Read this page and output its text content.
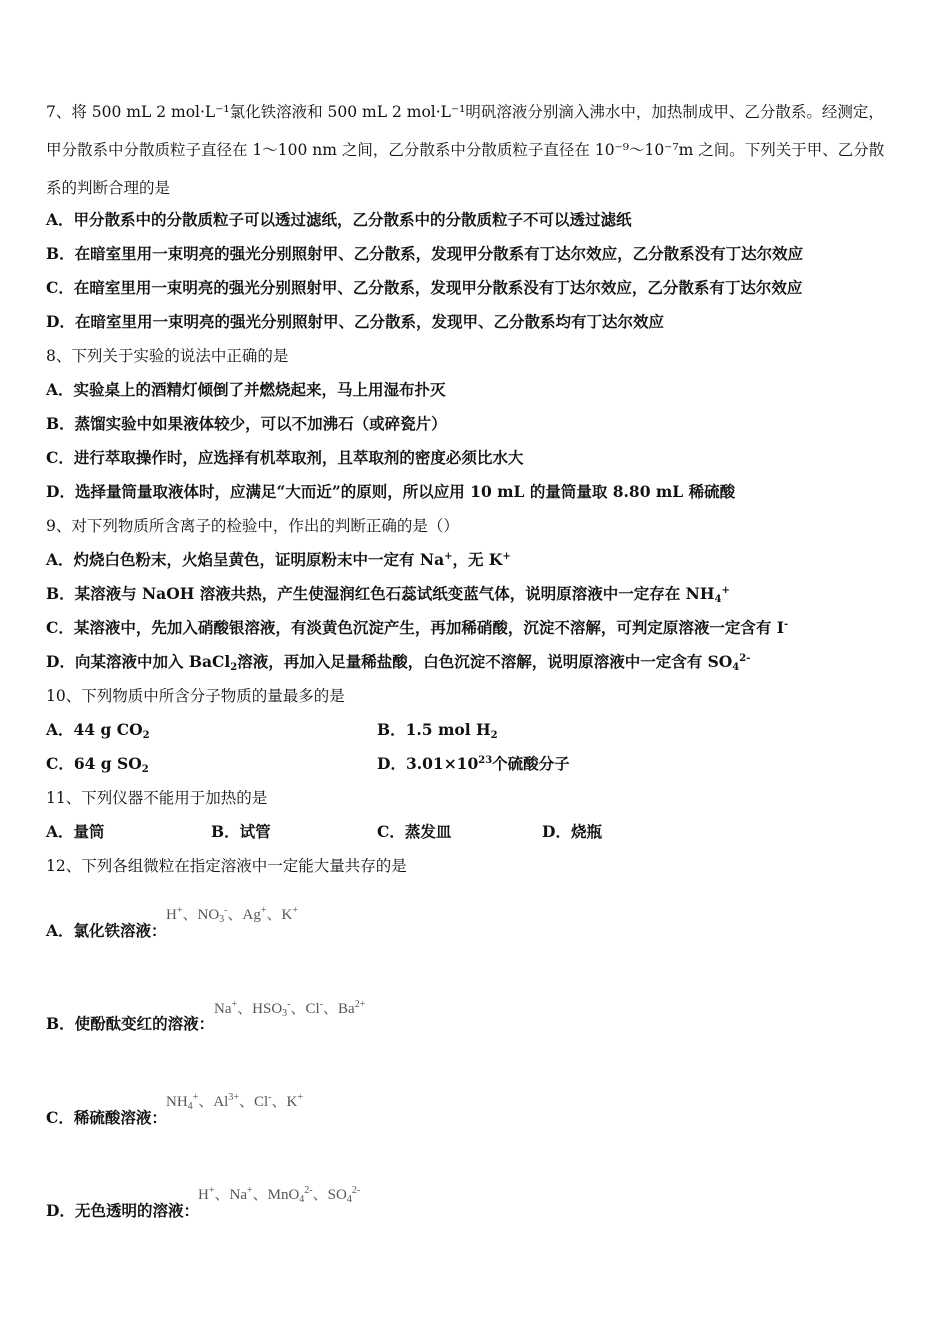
7、将 500 mL 2 mol·L⁻¹氯化铁溶液和 500 mL 2 mol·L⁻¹明矾溶液分别滴入沸水中，加热制成甲、乙分散系。经测定，
甲分散系中分散质粒子直径在 1～100 nm 之间，乙分散系中分散质粒子直径在 10⁻⁹～10⁻⁷m 之间。下列关于甲、乙分散
系的判断合理的是
A．甲分散系中的分散质粒子可以透过滤纸，乙分散系中的分散质粒子不可以透过滤纸
B．在暗室里用一束明亮的强光分别照射甲、乙分散系，发现甲分散系有丁达尔效应，乙分散系没有丁达尔效应
C．在暗室里用一束明亮的强光分别照射甲、乙分散系，发现甲分散系没有丁达尔效应，乙分散系有丁达尔效应
D．在暗室里用一束明亮的强光分别照射甲、乙分散系，发现甲、乙分散系均有丁达尔效应
8、下列关于实验的说法中正确的是
A．实验桌上的酒精灯倾倒了并燃烧起来，马上用湿布扑灭
B．蒸馏实验中如果液体较少，可以不加沸石（或碎瓷片）
C．进行萃取操作时，应选择有机萃取剂，且萃取剂的密度必须比水大
D．选择量筒量取液体时，应满足“大而近”的原则，所以应用 10 mL 的量筒量取 8.80 mL 稀硫酸
9、对下列物质所含离子的检验中，作出的判断正确的是（）
A．灼烧白色粉末，火焰呈黄色，证明原粉末中一定有 Na+，无 K+
B．某溶液与 NaOH 溶液共热，产生使湿润红色石蕊试纸变蓝气体，说明原溶液中一定存在 $NH_4^+$
C．某溶液中，先加入硝酸银溶液，有淡黄色沉淀产生，再加稀硝酸，沉淀不溶解，可判定原溶液一定含有 I-
D．向某溶液中加入 BaCl$_2$溶液，再加入足量稀盐酸，白色沉淀不溶解，说明原溶液中一定含有 $SO_4^{2-}$
10、下列物质中所含分子物质的量最多的是
A．44 g $CO_2$	B．1.5 mol $H_2$
C．64 g $SO_2$	D．$3.01\times 10^{23}$个硫酸分子
11、下列仪器不能用于加热的是
A．量筒	B．试管	C．蒸发皿	D．烧瓶
12、下列各组微粒在指定溶液中一定能大量共存的是
H+、$NO_3^-$、Ag+、K+
A．氯化铁溶液：
Na+、$HSO_3^-$、Cl-、$Ba^{2+}$
B．使酚酞变红的溶液：
$NH_4^+$、$Al^{3+}$、Cl-、K+
C．稀硫酸溶液：
H+、Na+、MnO$_4^{2-}$、$SO_4^{2-}$
D．无色透明的溶液：
